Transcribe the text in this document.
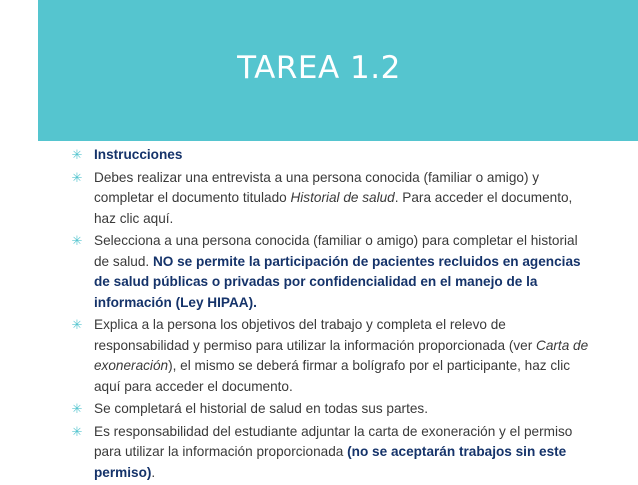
TAREA 1.2
✳ Instrucciones
✳ Debes realizar una entrevista a una persona conocida (familiar o amigo) y completar el documento titulado Historial de salud. Para acceder el documento, haz clic aquí.
✳ Selecciona a una persona conocida (familiar o amigo) para completar el historial de salud. NO se permite la participación de pacientes recluidos en agencias de salud públicas o privadas por confidencialidad en el manejo de la información (Ley HIPAA).
✳ Explica a la persona los objetivos del trabajo y completa el relevo de responsabilidad y permiso para utilizar la información proporcionada (ver Carta de exoneración), el mismo se deberá firmar a bolígrafo por el participante, haz clic aquí para acceder el documento.
✳ Se completará el historial de salud en todas sus partes.
✳ Es responsabilidad del estudiante adjuntar la carta de exoneración y el permiso para utilizar la información proporcionada (no se aceptarán trabajos sin este permiso).
